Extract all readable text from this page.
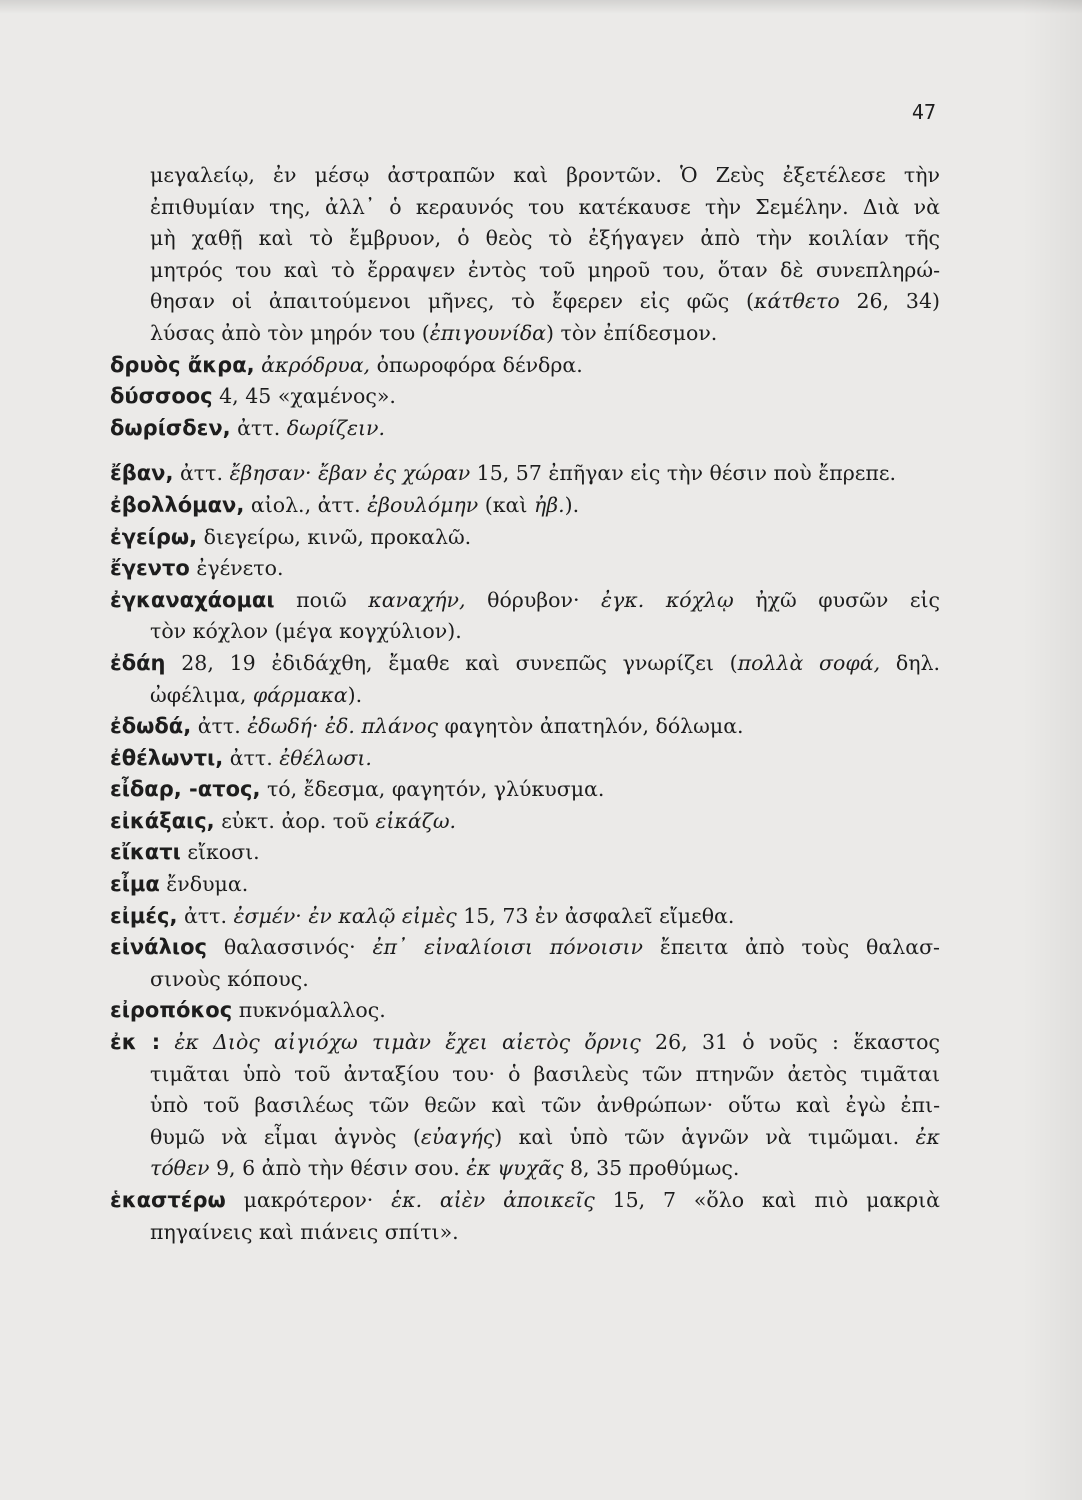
47
μεγαλείῳ, ἐν μέσῳ ἀστραπῶν καὶ βροντῶν. Ὁ Ζεὺς ἐξετέλεσε τὴν
ἐπιθυμίαν της, ἀλλ᾽ ὁ κεραυνός του κατέκαυσε τὴν Σεμέλην. Διὰ νὰ
μὴ χαθῇ καὶ τὸ ἔμβρυον, ὁ θεὸς τὸ ἐξήγαγεν ἀπὸ τὴν κοιλίαν τῆς
μητρός του καὶ τὸ ἔρραψεν ἐντὸς τοῦ μηροῦ του, ὅταν δὲ συνεπληρώ-
θησαν οἱ ἀπαιτούμενοι μῆνες, τὸ ἔφερεν εἰς φῶς (κάτθετο 26, 34)
λύσας ἀπὸ τὸν μηρόν του (ἐπιγουνίδα) τὸν ἐπίδεσμον.
δρυὸς ἄκρα, ἀκρόδρυα, ὀπωροφόρα δένδρα.
δύσσοος 4, 45 «χαμένος».
δωρίσδεν, ἀττ. δωρίζειν.
ἔβαν, ἀττ. ἔβησαν· ἔβαν ἐς χώραν 15, 57 ἐπῆγαν εἰς τὴν θέσιν ποὺ ἔπρεπε.
ἐβολλόμαν, αἰολ., ἀττ. ἐβουλόμην (καὶ ἠβ.).
ἐγείρω, διεγείρω, κινῶ, προκαλῶ.
ἔγεντο ἐγένετο.
ἐγκαναχάομαι ποιῶ καναχήν, θόρυβον· ἐγκ. κόχλῳ ἠχῶ φυσῶν εἰς
τὸν κόχλον (μέγα κογχύλιον).
ἐδάη 28, 19 ἐδιδάχθη, ἔμαθε καὶ συνεπῶς γνωρίζει (πολλὰ σοφά, δηλ.
ὠφέλιμα, φάρμακα).
ἐδωδά, ἀττ. ἐδωδή· ἐδ. πλάνος φαγητὸν ἀπατηλόν, δόλωμα.
ἐθέλωντι, ἀττ. ἐθέλωσι.
εἶδαρ, -ατος, τό, ἔδεσμα, φαγητόν, γλύκυσμα.
εἰκάξαις, εὐκτ. ἀορ. τοῦ εἰκάζω.
εἴκατι εἴκοσι.
εἶμα ἔνδυμα.
εἰμές, ἀττ. ἐσμέν· ἐν καλῷ εἰμὲς 15, 73 ἐν ἀσφαλεῖ εἴμεθα.
εἰνάλιος θαλασσινός· ἐπ᾽ εἰναλίοισι πόνοισιν ἔπειτα ἀπὸ τοὺς θαλασ-
σινοὺς κόπους.
εἰροπόκος πυκνόμαλλος.
ἐκ : ἐκ Διὸς αἰγιόχω τιμὰν ἔχει αἰετὸς ὄρνις 26, 31 ὁ νοῦς : ἕκαστος
τιμᾶται ὑπὸ τοῦ ἀνταξίου του· ὁ βασιλεὺς τῶν πτηνῶν ἀετὸς τιμᾶται
ὑπὸ τοῦ βασιλέως τῶν θεῶν καὶ τῶν ἀνθρώπων· οὕτω καὶ ἐγὼ ἐπι-
θυμῶ νὰ εἶμαι ἁγνὸς (εὐαγής) καὶ ὑπὸ τῶν ἁγνῶν νὰ τιμῶμαι. ἐκ
τόθεν 9, 6 ἀπὸ τὴν θέσιν σου. ἐκ ψυχᾶς 8, 35 προθύμως.
ἑκαστέρω μακρότερον· ἑκ. αἰὲν ἀποικεῖς 15, 7 «ὅλο καὶ πιὸ μακριὰ
πηγαίνεις καὶ πιάνεις σπίτι».
